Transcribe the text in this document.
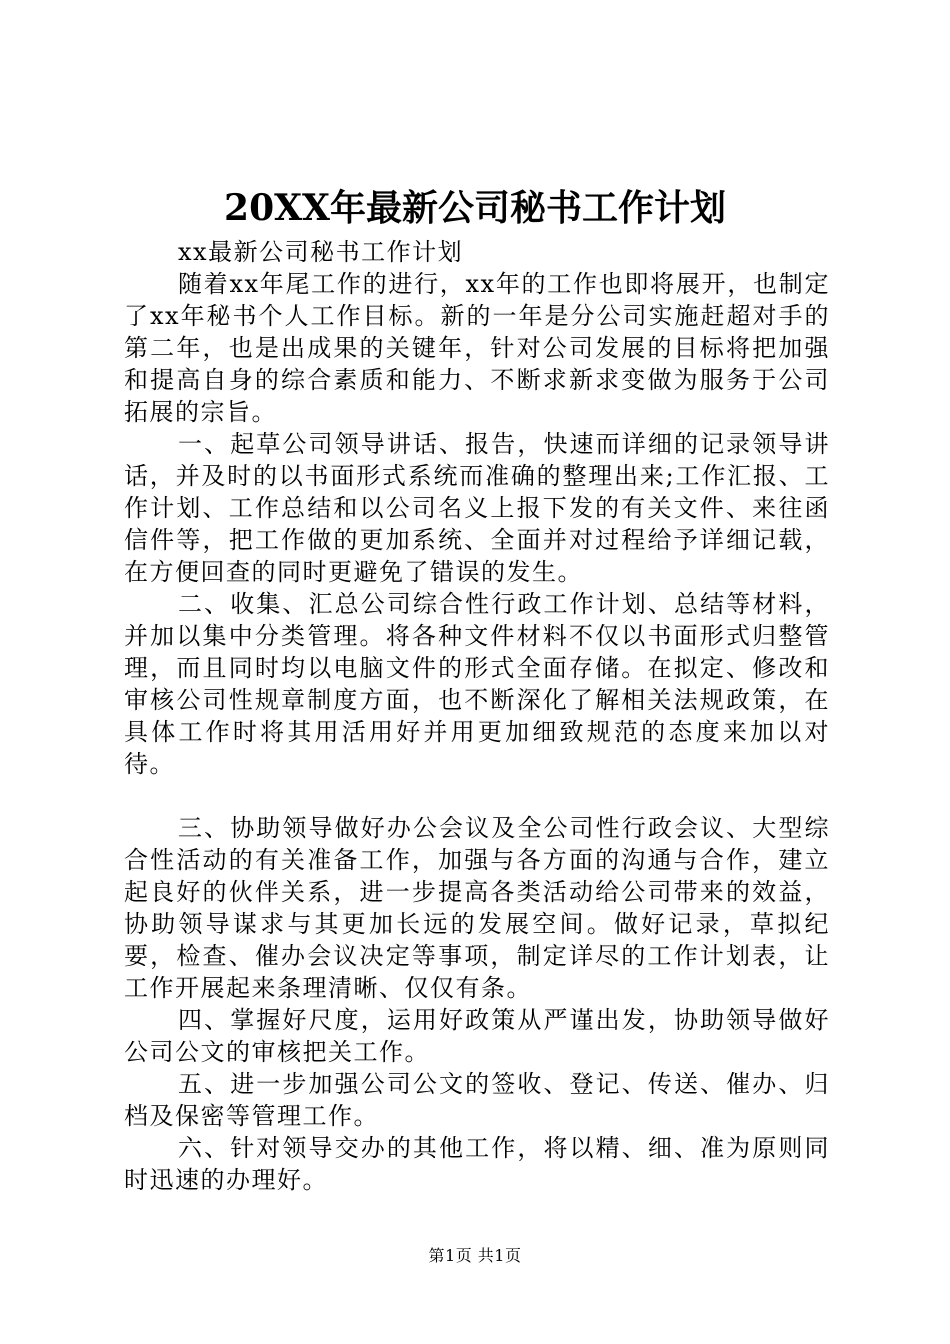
20XX年最新公司秘书工作计划

xx最新公司秘书工作计划

随着xx年尾工作的进行，xx年的工作也即将展开，也制定了xx年秘书个人工作目标。新的一年是分公司实施赶超对手的第二年，也是出成果的关键年，针对公司发展的目标将把加强和提高自身的综合素质和能力、不断求新求变做为服务于公司拓展的宗旨。

一、起草公司领导讲话、报告，快速而详细的记录领导讲话，并及时的以书面形式系统而准确的整理出来;工作汇报、工作计划、工作总结和以公司名义上报下发的有关文件、来往函信件等，把工作做的更加系统、全面并对过程给予详细记载，在方便回查的同时更避免了错误的发生。

二、收集、汇总公司综合性行政工作计划、总结等材料，并加以集中分类管理。将各种文件材料不仅以书面形式归整管理，而且同时均以电脑文件的形式全面存储。在拟定、修改和审核公司性规章制度方面，也不断深化了解相关法规政策，在具体工作时将其用活用好并用更加细致规范的态度来加以对待。

三、协助领导做好办公会议及全公司性行政会议、大型综合性活动的有关准备工作，加强与各方面的沟通与合作，建立起良好的伙伴关系，进一步提高各类活动给公司带来的效益，协助领导谋求与其更加长远的发展空间。做好记录，草拟纪要，检查、催办会议决定等事项，制定详尽的工作计划表，让工作开展起来条理清晰、仅仅有条。

四、掌握好尺度，运用好政策从严谨出发，协助领导做好公司公文的审核把关工作。

五、进一步加强公司公文的签收、登记、传送、催办、归档及保密等管理工作。

六、针对领导交办的其他工作，将以精、细、准为原则同时迅速的办理好。

第1页 共1页
